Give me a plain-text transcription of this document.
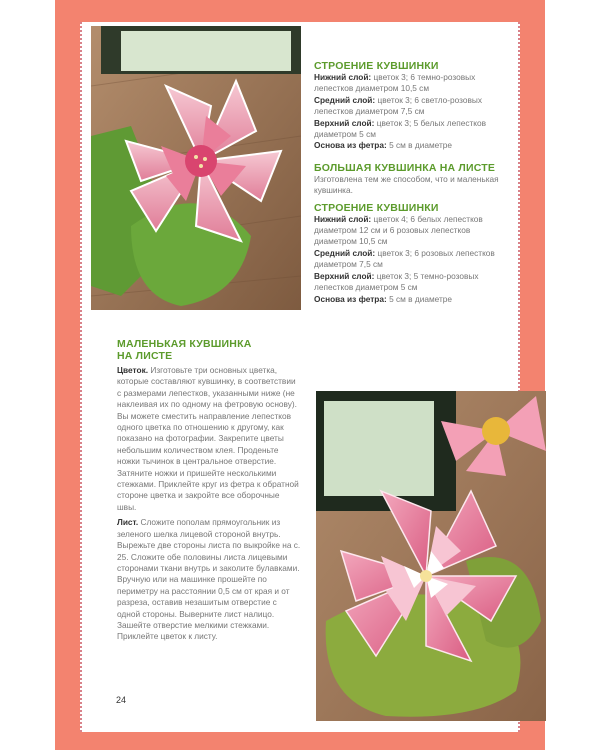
СТРОЕНИЕ КУВШИНКИ

Нижний слой: цветок 3; 6 темно-розовых лепестков диаметром 10,5 см

Средний слой: цветок 3; 6 светло-розовых лепестков диаметром 7,5 см

Верхний слой: цветок 3; 5 белых лепестков диаметром 5 см

Основа из фетра: 5 см в диаметре

БОЛЬШАЯ КУВШИНКА НА ЛИСТЕ

Изготовлена тем же способом, что и маленькая кувшинка.

СТРОЕНИЕ КУВШИНКИ

Нижний слой: цветок 4; 6 белых лепестков диаметром 12 см и 6 розовых лепестков диаметром 10,5 см

Средний слой: цветок 3; 6 розовых лепестков диаметром 7,5 см

Верхний слой: цветок 3; 5 темно-розовых лепестков диаметром 5 см

Основа из фетра: 5 см в диаметре

МАЛЕНЬКАЯ КУВШИНКА НА ЛИСТЕ

Цветок. Изготовьте три основных цветка, которые составляют кувшинку, в соответствии с размерами лепестков, указанными ниже (не наклеивая их по одному на фетровую основу). Вы можете сместить направление лепестков одного цветка по отношению к другому, как показано на фотографии. Закрепите цветы небольшим количеством клея. Проденьте ножки тычинок в центральное отверстие. Затяните ножки и пришейте несколькими стежками. Приклейте круг из фетра к обратной стороне цветка и закройте все оборочные швы.

Лист. Сложите пополам прямоугольник из зеленого шелка лицевой стороной внутрь. Вырежьте две стороны листа по выкройке на с. 25. Сложите обе половины листа лицевыми сторонами ткани внутрь и заколите булавками. Вручную или на машинке прошейте по периметру на расстоянии 0,5 см от края и от разреза, оставив незашитым отверстие с одной стороны. Выверните лист налицо. Зашейте отверстие мелкими стежками. Приклейте цветок к листу.

24
